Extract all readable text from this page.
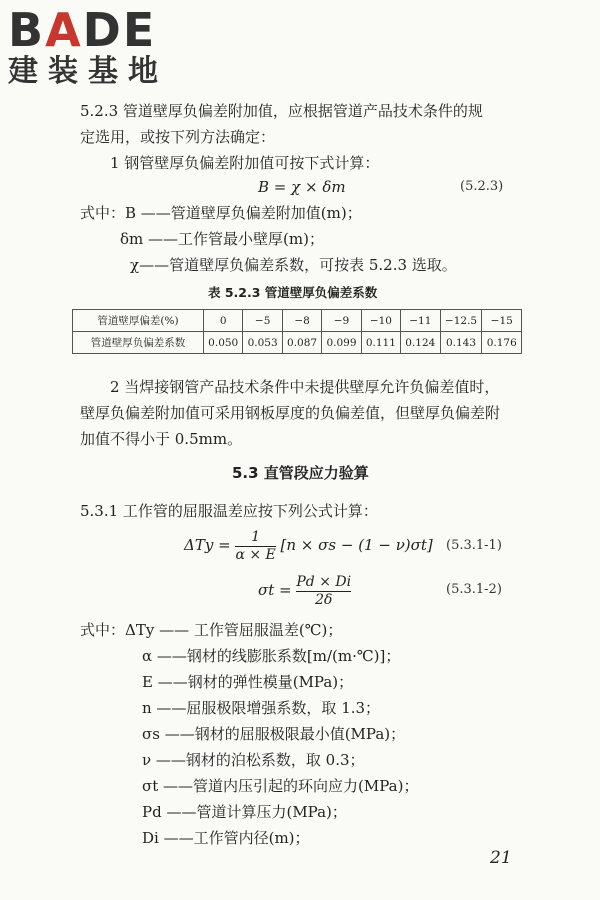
BADE
建装基地
5.2.3 管道壁厚负偏差附加值，应根据管道产品技术条件的规
定选用，或按下列方法确定：
1 钢管壁厚负偏差附加值可按下式计算：
B = χ × δm	(5.2.3)
式中：B ——管道壁厚负偏差附加值(m)；
δm ——工作管最小壁厚(m)；
χ——管道壁厚负偏差系数，可按表 5.2.3 选取。
表 5.2.3 管道壁厚负偏差系数
管道壁厚偏差(%)	0	−5	−8	−9	−10	−11	−12.5	−15
管道壁厚负偏差系数	0.050	0.053	0.087	0.099	0.111	0.124	0.143	0.176
2 当焊接钢管产品技术条件中未提供壁厚允许负偏差值时，
壁厚负偏差附加值可采用钢板厚度的负偏差值，但壁厚负偏差附
加值不得小于 0.5mm。
5.3 直管段应力验算
5.3.1 工作管的屈服温差应按下列公式计算：
$\Delta Ty = \frac{1}{\alpha \times E} [n \times \sigma s - (1 - \nu)\sigma t]$ (5.3.1-1)
$\sigma t = \frac{Pd \times Di}{2\delta}$	(5.3.1-2)
式中：ΔTy —— 工作管屈服温差(℃)；
α ——钢材的线膨胀系数[m/(m·℃)]；
E ——钢材的弹性模量(MPa)；
n ——屈服极限增强系数，取 1.3；
σs ——钢材的屈服极限最小值(MPa)；
ν ——钢材的泊松系数，取 0.3；
σt ——管道内压引起的环向应力(MPa)；
Pd ——管道计算压力(MPa)；
Di ——工作管内径(m)；
21
